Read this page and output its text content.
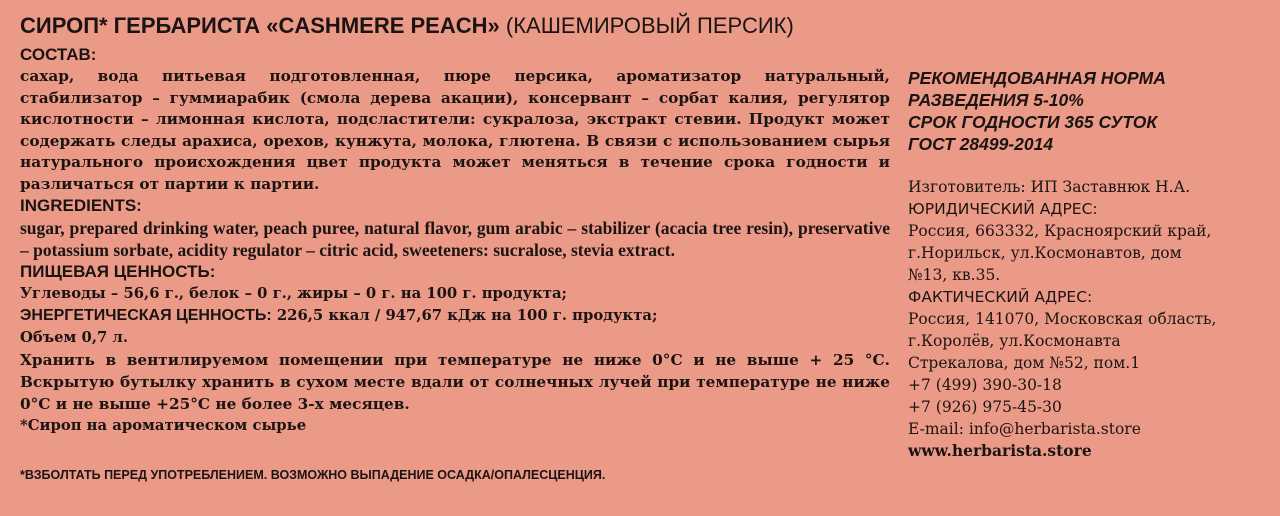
СИРОП* ГЕРБАРИСТА «CASHMERE PEACH» (КАШЕМИРОВЫЙ ПЕРСИК)
СОСТАВ:
сахар, вода питьевая подготовленная, пюре персика, ароматизатор натуральный, стабилизатор – гуммиарабик (смола дерева акации), консервант – сорбат калия, регулятор кислотности – лимонная кислота, подсластители: сукралоза, экстракт стевии. Продукт может содержать следы арахиса, орехов, кунжута, молока, глютена. В связи с использованием сырья натурального происхождения цвет продукта может меняться в течение срока годности и различаться от партии к партии.
INGREDIENTS:
sugar, prepared drinking water, peach puree, natural flavor, gum arabic – stabilizer (acacia tree resin), preservative – potassium sorbate, acidity regulator – citric acid, sweeteners: sucralose, stevia extract.
ПИЩЕВАЯ ЦЕННОСТЬ:
Углеводы – 56,6 г., белок – 0 г., жиры – 0 г. на 100 г. продукта;
ЭНЕРГЕТИЧЕСКАЯ ЦЕННОСТЬ: 226,5 ккал / 947,67 кДж на 100 г. продукта;
Объем 0,7 л.
Хранить в вентилируемом помещении при температуре не ниже 0°С и не выше + 25 °С. Вскрытую бутылку хранить в сухом месте вдали от солнечных лучей при температуре не ниже 0°С и не выше +25°С не более 3-х месяцев.
*Сироп на ароматическом сырье
*ВЗБОЛТАТЬ ПЕРЕД УПОТРЕБЛЕНИЕМ. ВОЗМОЖНО ВЫПАДЕНИЕ ОСАДКА/ОПАЛЕСЦЕНЦИЯ.
РЕКОМЕНДОВАННАЯ НОРМА
РАЗВЕДЕНИЯ 5-10%
СРОК ГОДНОСТИ 365 СУТОК
ГОСТ 28499-2014
Изготовитель: ИП Заставнюк Н.А.
ЮРИДИЧЕСКИЙ АДРЕС:
Россия, 663332, Красноярский край,
г.Норильск, ул.Космонавтов, дом
№13, кв.35.
ФАКТИЧЕСКИЙ АДРЕС:
Россия, 141070, Московская область,
г.Королёв, ул.Космонавта
Стрекалова, дом №52, пом.1
+7 (499) 390-30-18
+7 (926) 975-45-30
E-mail: info@herbarista.store
www.herbarista.store
